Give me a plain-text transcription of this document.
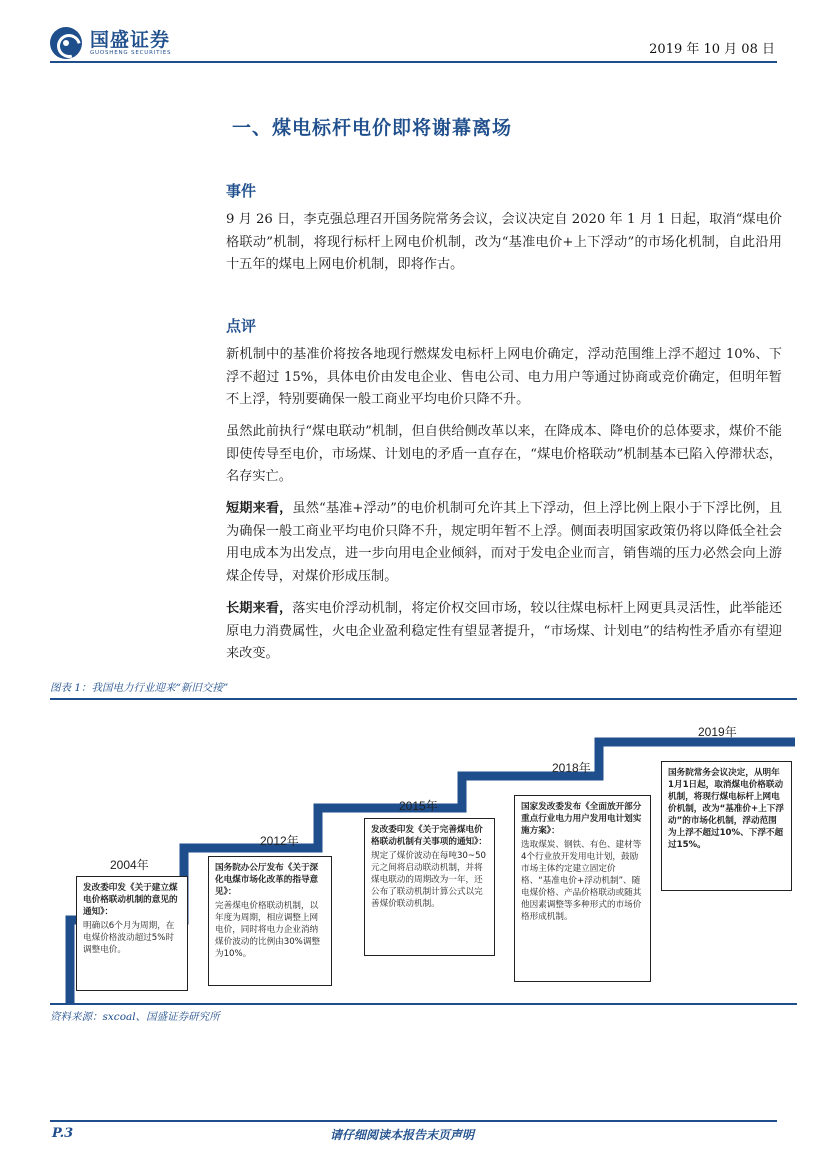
国盛证券
GUOSHENG SECURITIES	2019 年 10 月 08 日
一、煤电标杆电价即将谢幕离场
事件
9 月 26 日，李克强总理召开国务院常务会议，会议决定自 2020 年 1 月 1 日起，取消“煤电价格联动”机制，将现行标杆上网电价机制，改为“基准电价+上下浮动”的市场化机制，自此沿用十五年的煤电上网电价机制，即将作古。
点评
新机制中的基准价将按各地现行燃煤发电标杆上网电价确定，浮动范围维上浮不超过 10%、下浮不超过 15%，具体电价由发电企业、售电公司、电力用户等通过协商或竞价确定，但明年暂不上浮，特别要确保一般工商业平均电价只降不升。
虽然此前执行“煤电联动”机制，但自供给侧改革以来，在降成本、降电价的总体要求，煤价不能即使传导至电价，市场煤、计划电的矛盾一直存在，“煤电价格联动”机制基本已陷入停滞状态，名存实亡。
短期来看，虽然“基准+浮动”的电价机制可允许其上下浮动，但上浮比例上限小于下浮比例，且为确保一般工商业平均电价只降不升，规定明年暂不上浮。侧面表明国家政策仍将以降低全社会用电成本为出发点，进一步向用电企业倾斜，而对于发电企业而言，销售端的压力必然会向上游煤企传导，对煤价形成压制。
长期来看，落实电价浮动机制，将定价权交回市场，较以往煤电标杆上网更具灵活性，此举能还原电力消费属性，火电企业盈利稳定性有望显著提升，“市场煤、计划电”的结构性矛盾亦有望迎来改变。
图表 1：我国电力行业迎来“新旧交接”
2004年
2012年
2015年
2018年
2019年
发改委印发《关于建立煤电价格联动机制的意见的通知》：
明确以6个月为周期，在电煤价格波动超过5%时调整电价。
国务院办公厅发布《关于深化电煤市场化改革的指导意见》：
完善煤电价格联动机制，以年度为周期，相应调整上网电价，同时将电力企业消纳煤价波动的比例由30%调整为10%。
发改委印发《关于完善煤电价格联动机制有关事项的通知》：
规定了煤价波动在每吨30~50元之间将启动联动机制，并将煤电联动的周期改为一年，还公布了联动机制计算公式以完善煤价联动机制。
国家发改委发布《全面放开部分重点行业电力用户发用电计划实施方案》：
选取煤炭、钢铁、有色、建材等4个行业放开发用电计划，鼓励市场主体约定建立固定价格、“基准电价+浮动机制”、随电煤价格、产品价格联动或随其他因素调整等多种形式的市场价格形成机制。
国务院常务会议决定，从明年1月1日起，取消煤电价格联动机制，将现行煤电标杆上网电价机制，改为“基准价+上下浮动”的市场化机制，浮动范围为上浮不超过10%、下浮不超过15%。
资料来源：sxcoal、国盛证券研究所
P.3	请仔细阅读本报告末页声明
